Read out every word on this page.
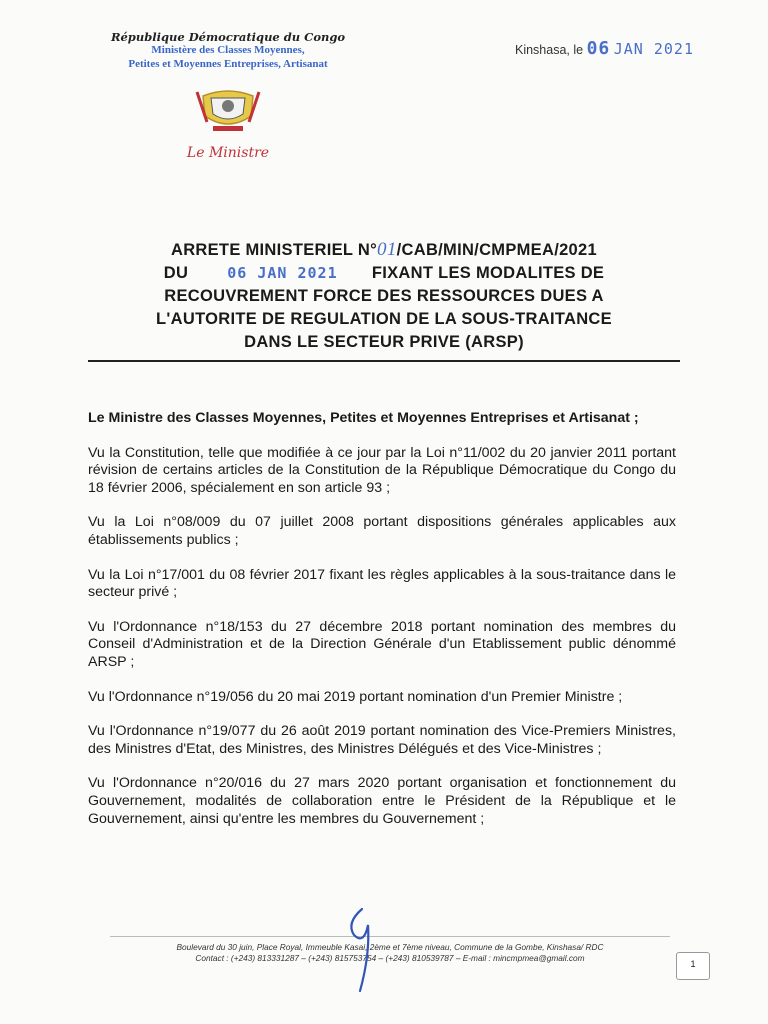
République Démocratique du Congo
Ministère des Classes Moyennes,
Petites et Moyennes Entreprises, Artisanat
Le Ministre
Kinshasa, le 06 JAN 2021
ARRETE MINISTERIEL N°01/CAB/MIN/CMPMEA/2021
DU	06 JAN 2021 FIXANT LES MODALITES DE
RECOUVREMENT FORCE DES RESSOURCES DUES A
L'AUTORITE DE REGULATION DE LA SOUS-TRAITANCE
DANS LE SECTEUR PRIVE (ARSP)

Le Ministre des Classes Moyennes, Petites et Moyennes Entreprises et Artisanat ;

Vu la Constitution, telle que modifiée à ce jour par la Loi n°11/002 du 20 janvier 2011 portant révision de certains articles de la Constitution de la République Démocratique du Congo du 18 février 2006, spécialement en son article 93 ;

Vu la Loi n°08/009 du 07 juillet 2008 portant dispositions générales applicables aux établissements publics ;

Vu la Loi n°17/001 du 08 février 2017 fixant les règles applicables à la sous-traitance dans le secteur privé ;

Vu l'Ordonnance n°18/153 du 27 décembre 2018 portant nomination des membres du Conseil d'Administration et de la Direction Générale d'un Etablissement public dénommé ARSP ;

Vu l'Ordonnance n°19/056 du 20 mai 2019 portant nomination d'un Premier Ministre ;

Vu l'Ordonnance n°19/077 du 26 août 2019 portant nomination des Vice-Premiers Ministres, des Ministres d'Etat, des Ministres, des Ministres Délégués et des Vice-Ministres ;

Vu l'Ordonnance n°20/016 du 27 mars 2020 portant organisation et fonctionnement du Gouvernement, modalités de collaboration entre le Président de la République et le Gouvernement, ainsi qu'entre les membres du Gouvernement ;

Boulevard du 30 juin, Place Royal, Immeuble Kasai, 2ème et 7ème niveau, Commune de la Gombe, Kinshasa/ RDC
Contact : (+243) 813331287 – (+243) 815753754 – (+243) 810539787 – E-mail : mincmpmea@gmail.com
1
